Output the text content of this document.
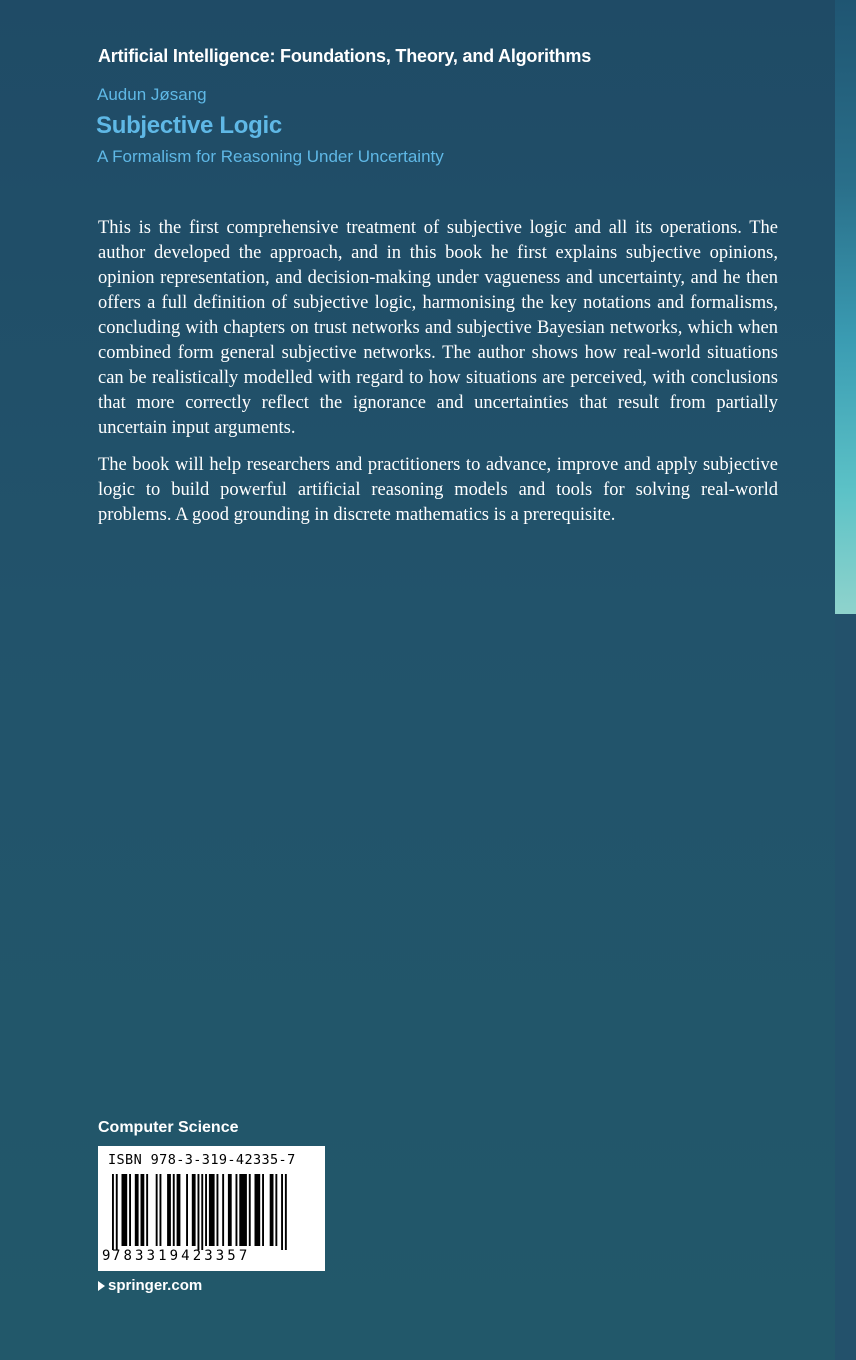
Artificial Intelligence: Foundations, Theory, and Algorithms
Audun Jøsang
Subjective Logic
A Formalism for Reasoning Under Uncertainty

This is the first comprehensive treatment of subjective logic and all its operations. The author developed the approach, and in this book he first explains subjective opinions, opinion representation, and decision-making under vagueness and uncertainty, and he then offers a full definition of subjective logic, harmonising the key notations and formalisms, concluding with chapters on trust networks and subjective Bayesian networks, which when combined form general subjective networks. The author shows how real-world situations can be realistically modelled with regard to how situations are perceived, with conclusions that more correctly reflect the ignorance and uncertainties that result from partially uncertain input arguments.

The book will help researchers and practitioners to advance, improve and apply subjective logic to build powerful artificial reasoning models and tools for solving real-world problems. A good grounding in discrete mathematics is a prerequisite.

Computer Science
ISBN 978-3-319-42335-7
9 783319423357
springer.com
